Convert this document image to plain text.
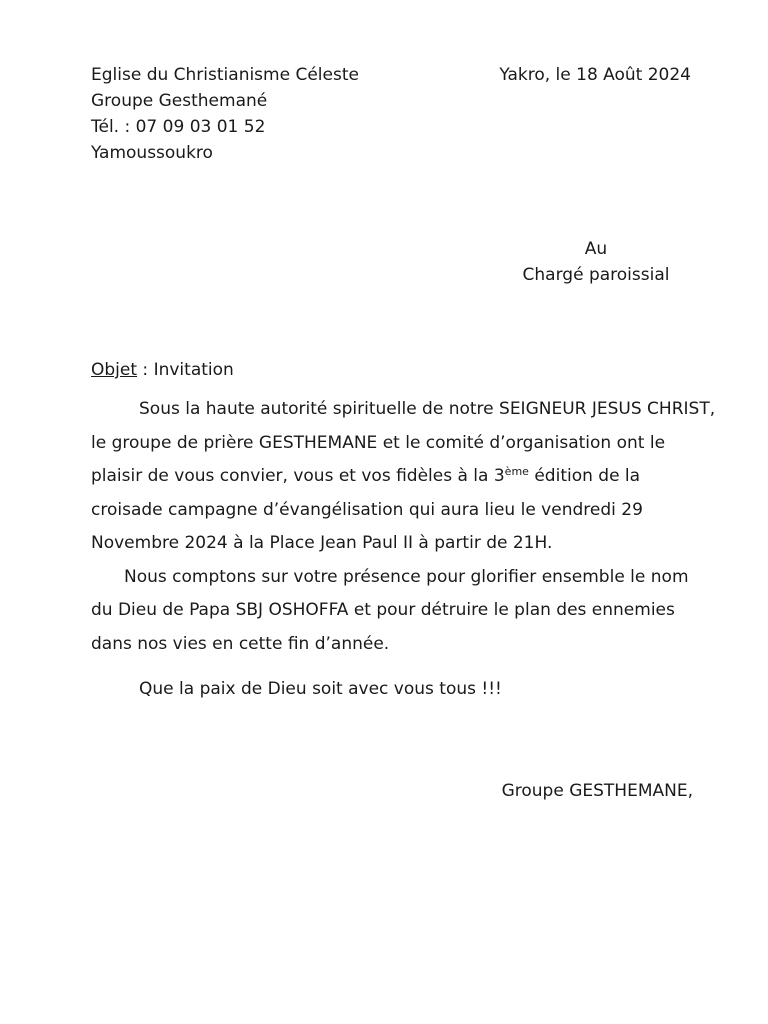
Eglise du Christianisme Céleste
Groupe Gesthemané
Tél. : 07 09 03 01 52
Yamoussoukro
Yakro, le 18 Août 2024
Au
Chargé paroissial
Objet : Invitation

Sous la haute autorité spirituelle de notre SEIGNEUR JESUS CHRIST,
le groupe de prière GESTHEMANE et le comité d’organisation ont le
plaisir de vous convier, vous et vos fidèles à la 3ème édition de la
croisade campagne d’évangélisation qui aura lieu le vendredi 29
Novembre 2024 à la Place Jean Paul II à partir de 21H.

Nous comptons sur votre présence pour glorifier ensemble le nom
du Dieu de Papa SBJ OSHOFFA et pour détruire le plan des ennemies
dans nos vies en cette fin d’année.

Que la paix de Dieu soit avec vous tous !!!
Groupe GESTHEMANE,
